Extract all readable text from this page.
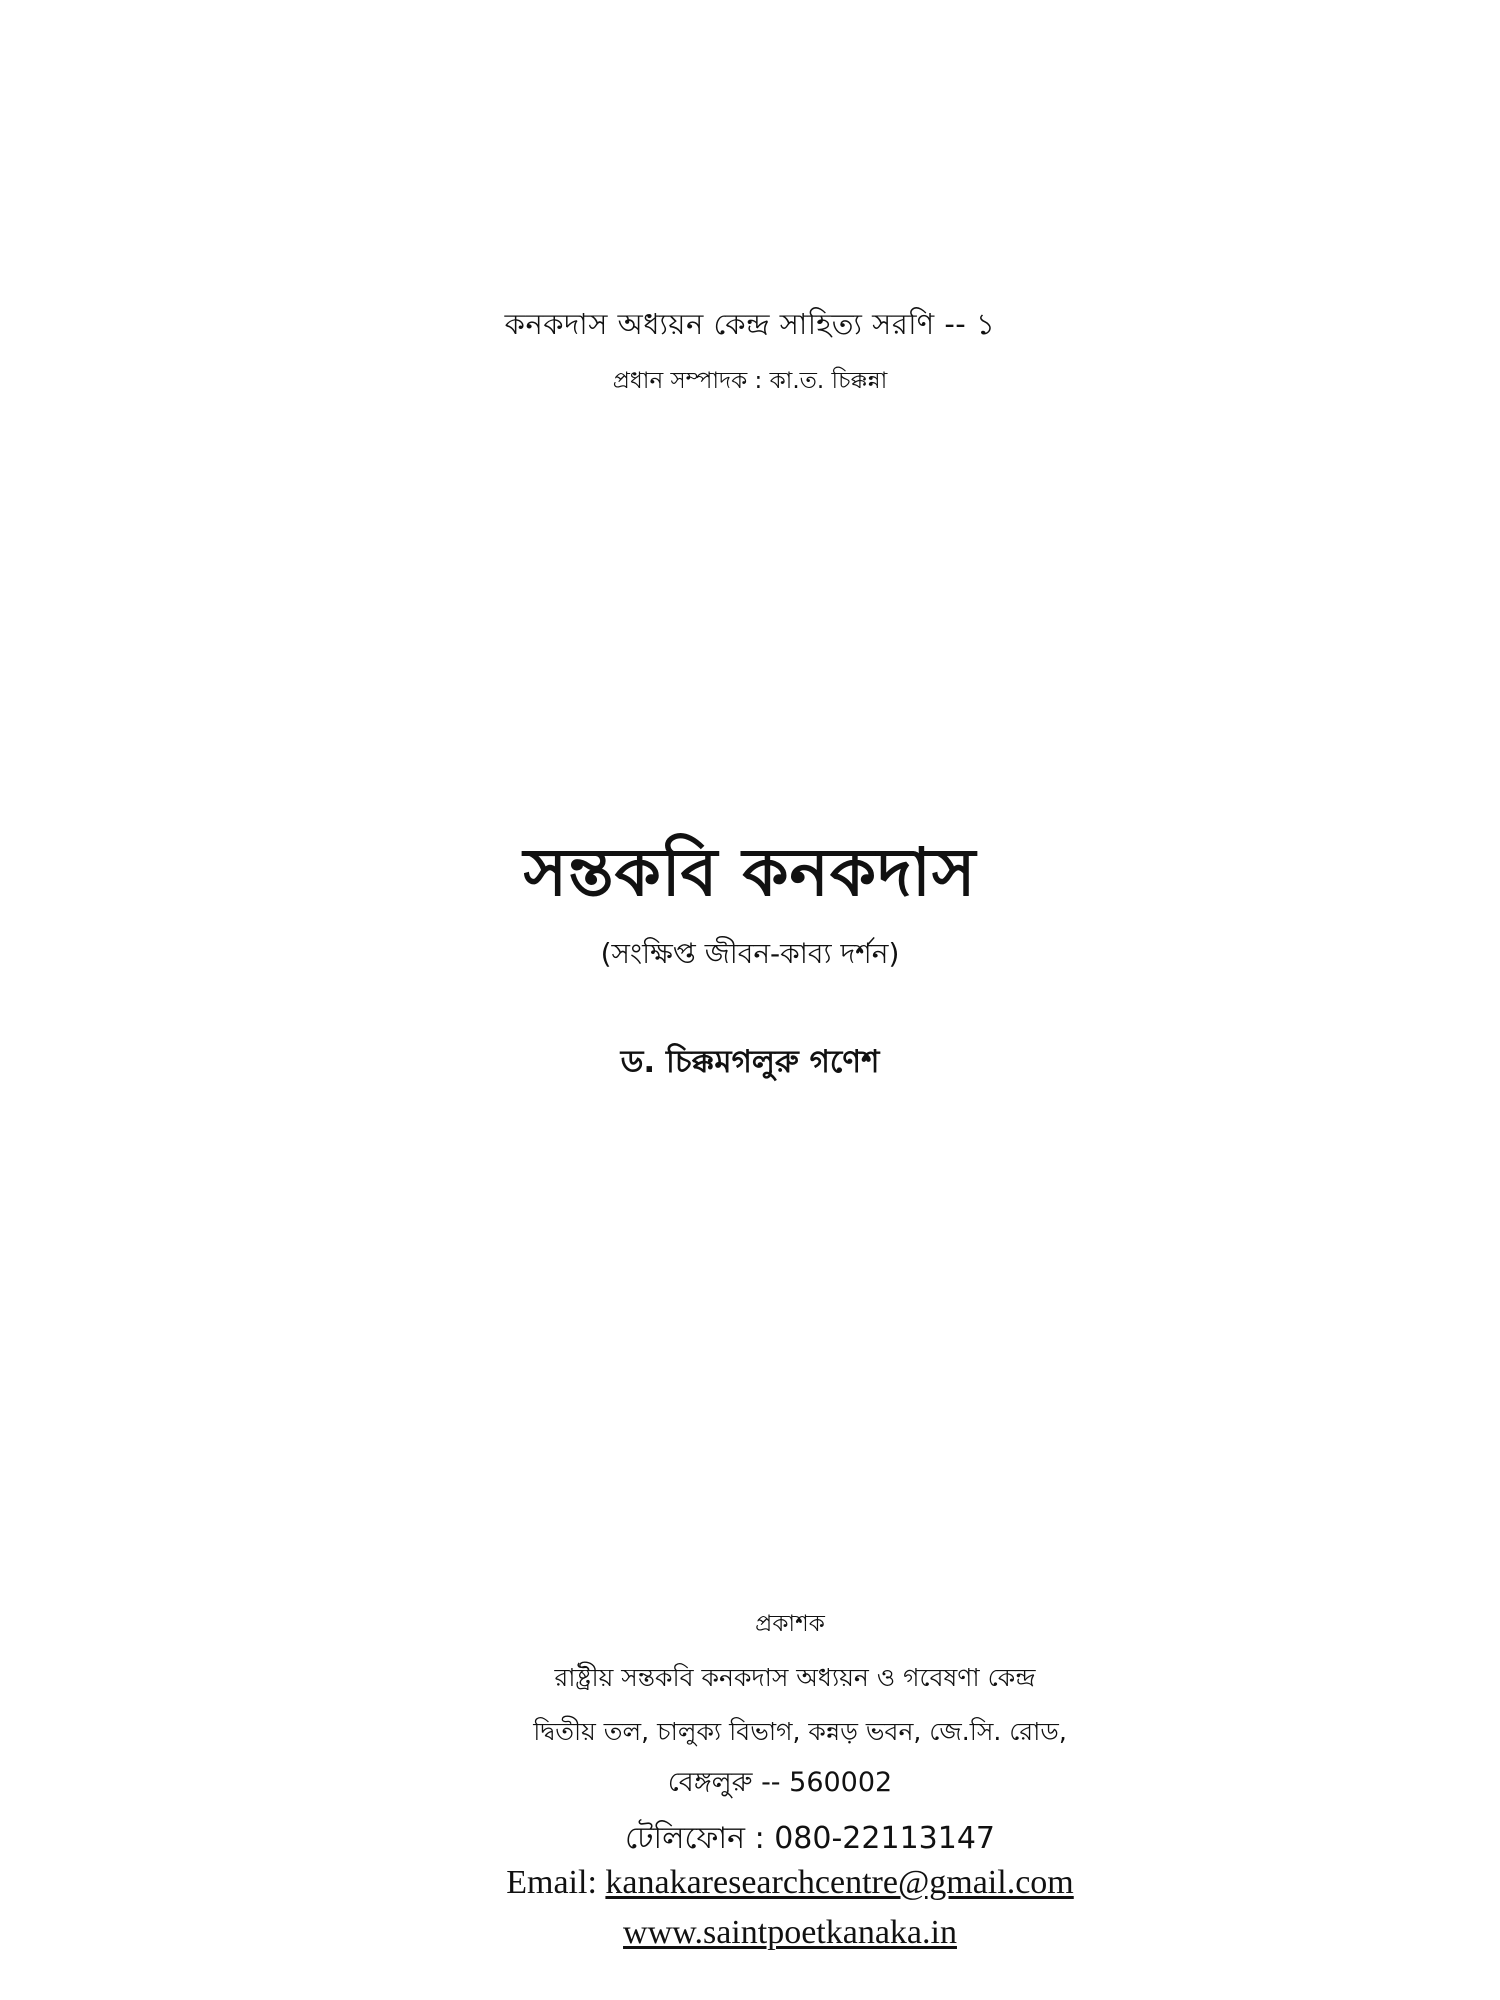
কনকদাস অধ্যয়ন কেন্দ্র সাহিত্য সরণি -- ১
প্রধান সম্পাদক : কা.ত. চিক্কন্না
সন্তকবি কনকদাস
(সংক্ষিপ্ত জীবন-কাব্য দর্শন)
ড. চিক্কমগলুরু গণেশ
প্রকাশক
রাষ্ট্রীয় সন্তকবি কনকদাস অধ্যয়ন ও গবেষণা কেন্দ্র
দ্বিতীয় তল, চালুক্য বিভাগ, কন্নড় ভবন, জে.সি. রোড,
বেঙ্গলুরু -- 560002
টেলিফোন : 080-22113147
Email: kanakaresearchcentre@gmail.com
www.saintpoetkanaka.in
